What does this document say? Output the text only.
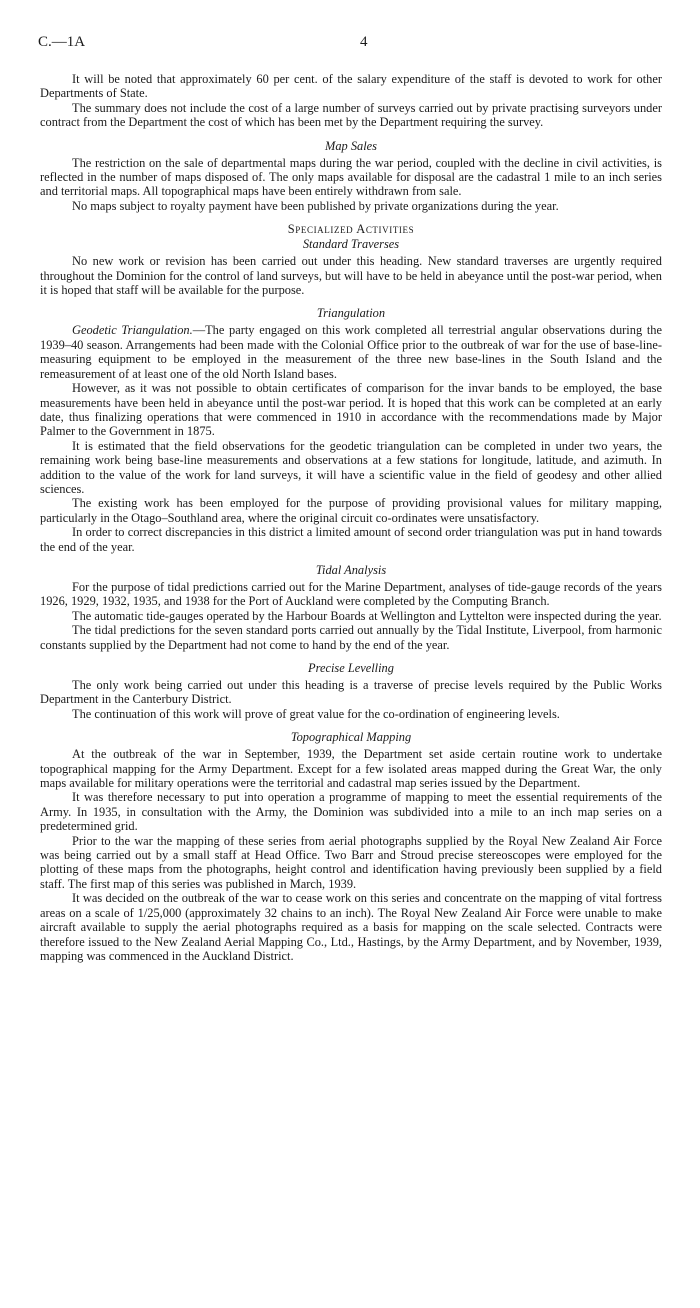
C.—1A	4

It will be noted that approximately 60 per cent. of the salary expenditure of the staff is devoted to work for other Departments of State.

The summary does not include the cost of a large number of surveys carried out by private practising surveyors under contract from the Department the cost of which has been met by the Department requiring the survey.

Map Sales

The restriction on the sale of departmental maps during the war period, coupled with the decline in civil activities, is reflected in the number of maps disposed of. The only maps available for disposal are the cadastral 1 mile to an inch series and territorial maps. All topographical maps have been entirely withdrawn from sale.

No maps subject to royalty payment have been published by private organizations during the year.

Specialized Activities
Standard Traverses

No new work or revision has been carried out under this heading. New standard traverses are urgently required throughout the Dominion for the control of land surveys, but will have to be held in abeyance until the post-war period, when it is hoped that staff will be available for the purpose.

Triangulation

Geodetic Triangulation.—The party engaged on this work completed all terrestrial angular observations during the 1939–40 season. Arrangements had been made with the Colonial Office prior to the outbreak of war for the use of base-line-measuring equipment to be employed in the measurement of the three new base-lines in the South Island and the remeasurement of at least one of the old North Island bases.

However, as it was not possible to obtain certificates of comparison for the invar bands to be employed, the base measurements have been held in abeyance until the post-war period. It is hoped that this work can be completed at an early date, thus finalizing operations that were commenced in 1910 in accordance with the recommendations made by Major Palmer to the Government in 1875.

It is estimated that the field observations for the geodetic triangulation can be completed in under two years, the remaining work being base-line measurements and observations at a few stations for longitude, latitude, and azimuth. In addition to the value of the work for land surveys, it will have a scientific value in the field of geodesy and other allied sciences.

The existing work has been employed for the purpose of providing provisional values for military mapping, particularly in the Otago–Southland area, where the original circuit co-ordinates were unsatisfactory.

In order to correct discrepancies in this district a limited amount of second order triangulation was put in hand towards the end of the year.

Tidal Analysis

For the purpose of tidal predictions carried out for the Marine Department, analyses of tide-gauge records of the years 1926, 1929, 1932, 1935, and 1938 for the Port of Auckland were completed by the Computing Branch.

The automatic tide-gauges operated by the Harbour Boards at Wellington and Lyttelton were inspected during the year.

The tidal predictions for the seven standard ports carried out annually by the Tidal Institute, Liverpool, from harmonic constants supplied by the Department had not come to hand by the end of the year.

Precise Levelling

The only work being carried out under this heading is a traverse of precise levels required by the Public Works Department in the Canterbury District.

The continuation of this work will prove of great value for the co-ordination of engineering levels.

Topographical Mapping

At the outbreak of the war in September, 1939, the Department set aside certain routine work to undertake topographical mapping for the Army Department. Except for a few isolated areas mapped during the Great War, the only maps available for military operations were the territorial and cadastral map series issued by the Department.

It was therefore necessary to put into operation a programme of mapping to meet the essential requirements of the Army. In 1935, in consultation with the Army, the Dominion was subdivided into a mile to an inch map series on a predetermined grid.

Prior to the war the mapping of these series from aerial photographs supplied by the Royal New Zealand Air Force was being carried out by a small staff at Head Office. Two Barr and Stroud precise stereoscopes were employed for the plotting of these maps from the photographs, height control and identification having previously been supplied by a field staff. The first map of this series was published in March, 1939.

It was decided on the outbreak of the war to cease work on this series and concentrate on the mapping of vital fortress areas on a scale of 1/25,000 (approximately 32 chains to an inch). The Royal New Zealand Air Force were unable to make aircraft available to supply the aerial photographs required as a basis for mapping on the scale selected. Contracts were therefore issued to the New Zealand Aerial Mapping Co., Ltd., Hastings, by the Army Department, and by November, 1939, mapping was commenced in the Auckland District.
